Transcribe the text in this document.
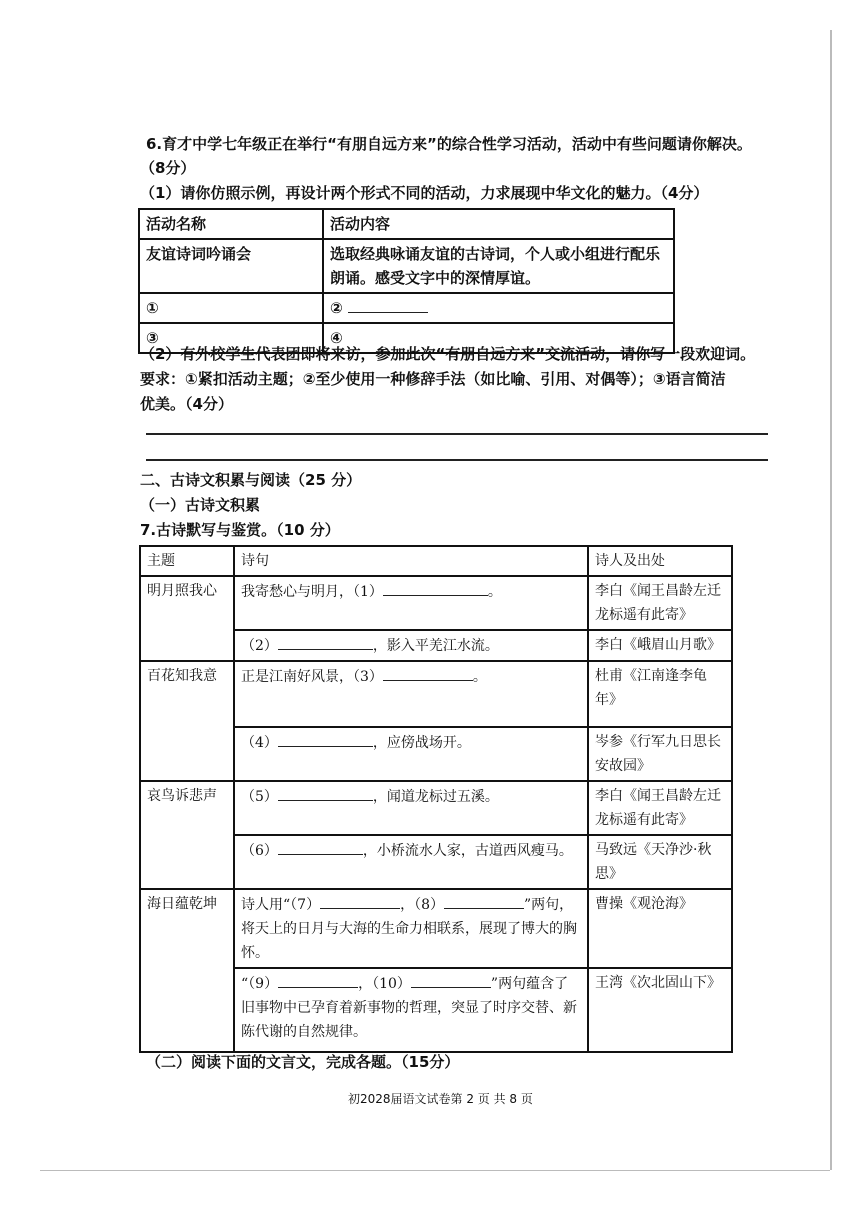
6.育才中学七年级正在举行“有朋自远方来”的综合性学习活动，活动中有些问题请你解决。
（8分）
（1）请你仿照示例，再设计两个形式不同的活动，力求展现中华文化的魅力。（4分）
活动名称	活动内容
友谊诗词吟诵会	选取经典咏诵友谊的古诗词，个人或小组进行配乐
朗诵。感受文字中的深情厚谊。

①	②
③	④
（2）有外校学生代表团即将来访，参加此次“有朋自远方来”交流活动，请你写一段欢迎词。
要求：①紧扣活动主题；②至少使用一种修辞手法（如比喻、引用、对偶等）；③语言简洁
优美。（4分）
二、古诗文积累与阅读（25 分）
（一）古诗文积累
7.古诗默写与鉴赏。（10 分）
主题	诗句	诗人及出处
明月照我心	我寄愁心与明月，（1） 。	李白《闻王昌龄左迁龙标遥有此寄》
	（2） ，影入平羌江水流。	李白《峨眉山月歌》
百花知我意	正是江南好风景，（3） 。	杜甫《江南逢李龟年》
	（4） ，应傍战场开。	岑参《行军九日思长安故园》
哀鸟诉悲声	（5） ，闻道龙标过五溪。	李白《闻王昌龄左迁龙标遥有此寄》
	（6） ，小桥流水人家，古道西风瘦马。	马致远《天净沙·秋思》
海日蕴乾坤	诗人用“（7） ，（8） ”两句，将天上的日月与大海的生命力相联系，展现了博大的胸怀。	曹操《观沧海》
	“（9） ，（10） ”两句蕴含了旧事物中已孕育着新事物的哲理，突显了时序交替、新陈代谢的自然规律。	王湾《次北固山下》
（二）阅读下面的文言文，完成各题。（15分）
初2028届语文试卷第 2 页 共 8 页
